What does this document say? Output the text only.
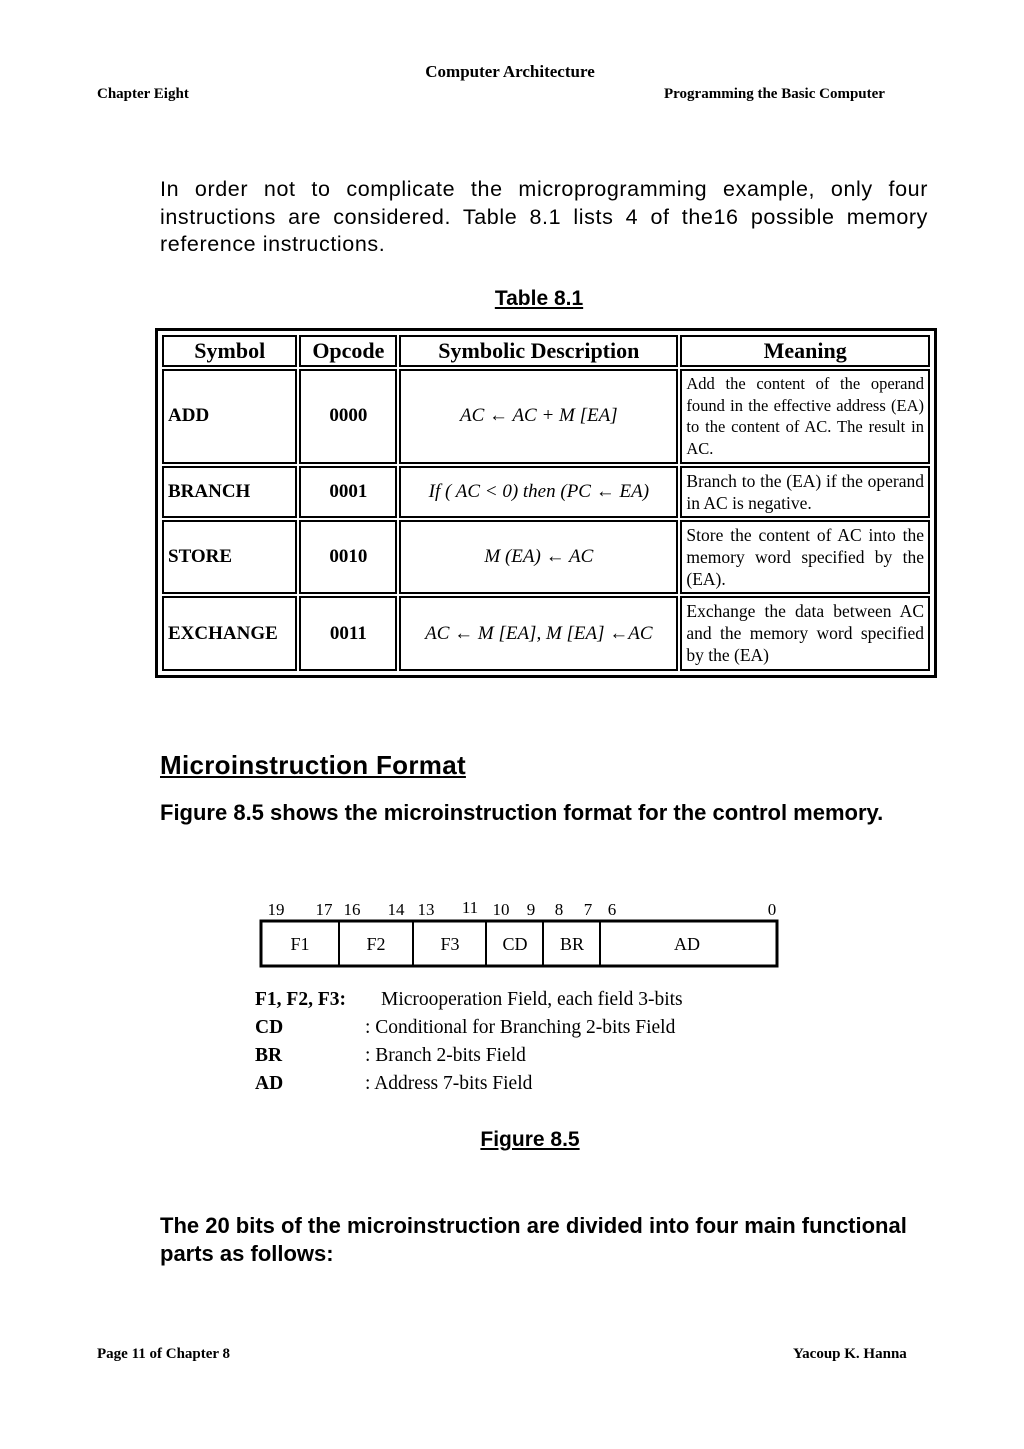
Computer Architecture
Chapter Eight	Programming the Basic Computer
In order not to complicate the microprogramming example, only four instructions are considered. Table 8.1 lists 4 of the16 possible memory reference instructions.
Table 8.1
Symbol	Opcode	Symbolic Description	Meaning
ADD	0000	AC ← AC + M [EA]	Add the content of the operand found in the effective address (EA) to the content of AC. The result in AC.
BRANCH	0001	If ( AC < 0) then (PC ← EA)	Branch to the (EA) if the operand in AC is negative.
STORE	0010	M (EA) ← AC	Store the content of AC into the memory word specified by the (EA).
EXCHANGE	0011	AC ← M [EA], M [EA] ←AC	Exchange the data between AC and the memory word specified by the (EA)
Microinstruction Format
Figure 8.5 shows the microinstruction format for the control memory.
19 17 16 14 13 11 10 9 8 7 6	0
F1	F2	F3 CD BR	AD
F1, F2, F3: Microoperation Field, each field 3-bits
CD	: Conditional for Branching 2-bits Field
BR	: Branch 2-bits Field
AD	: Address 7-bits Field
Figure 8.5
The 20 bits of the microinstruction are divided into four main functional parts as follows:
Page 11 of Chapter 8	Yacoup K. Hanna
